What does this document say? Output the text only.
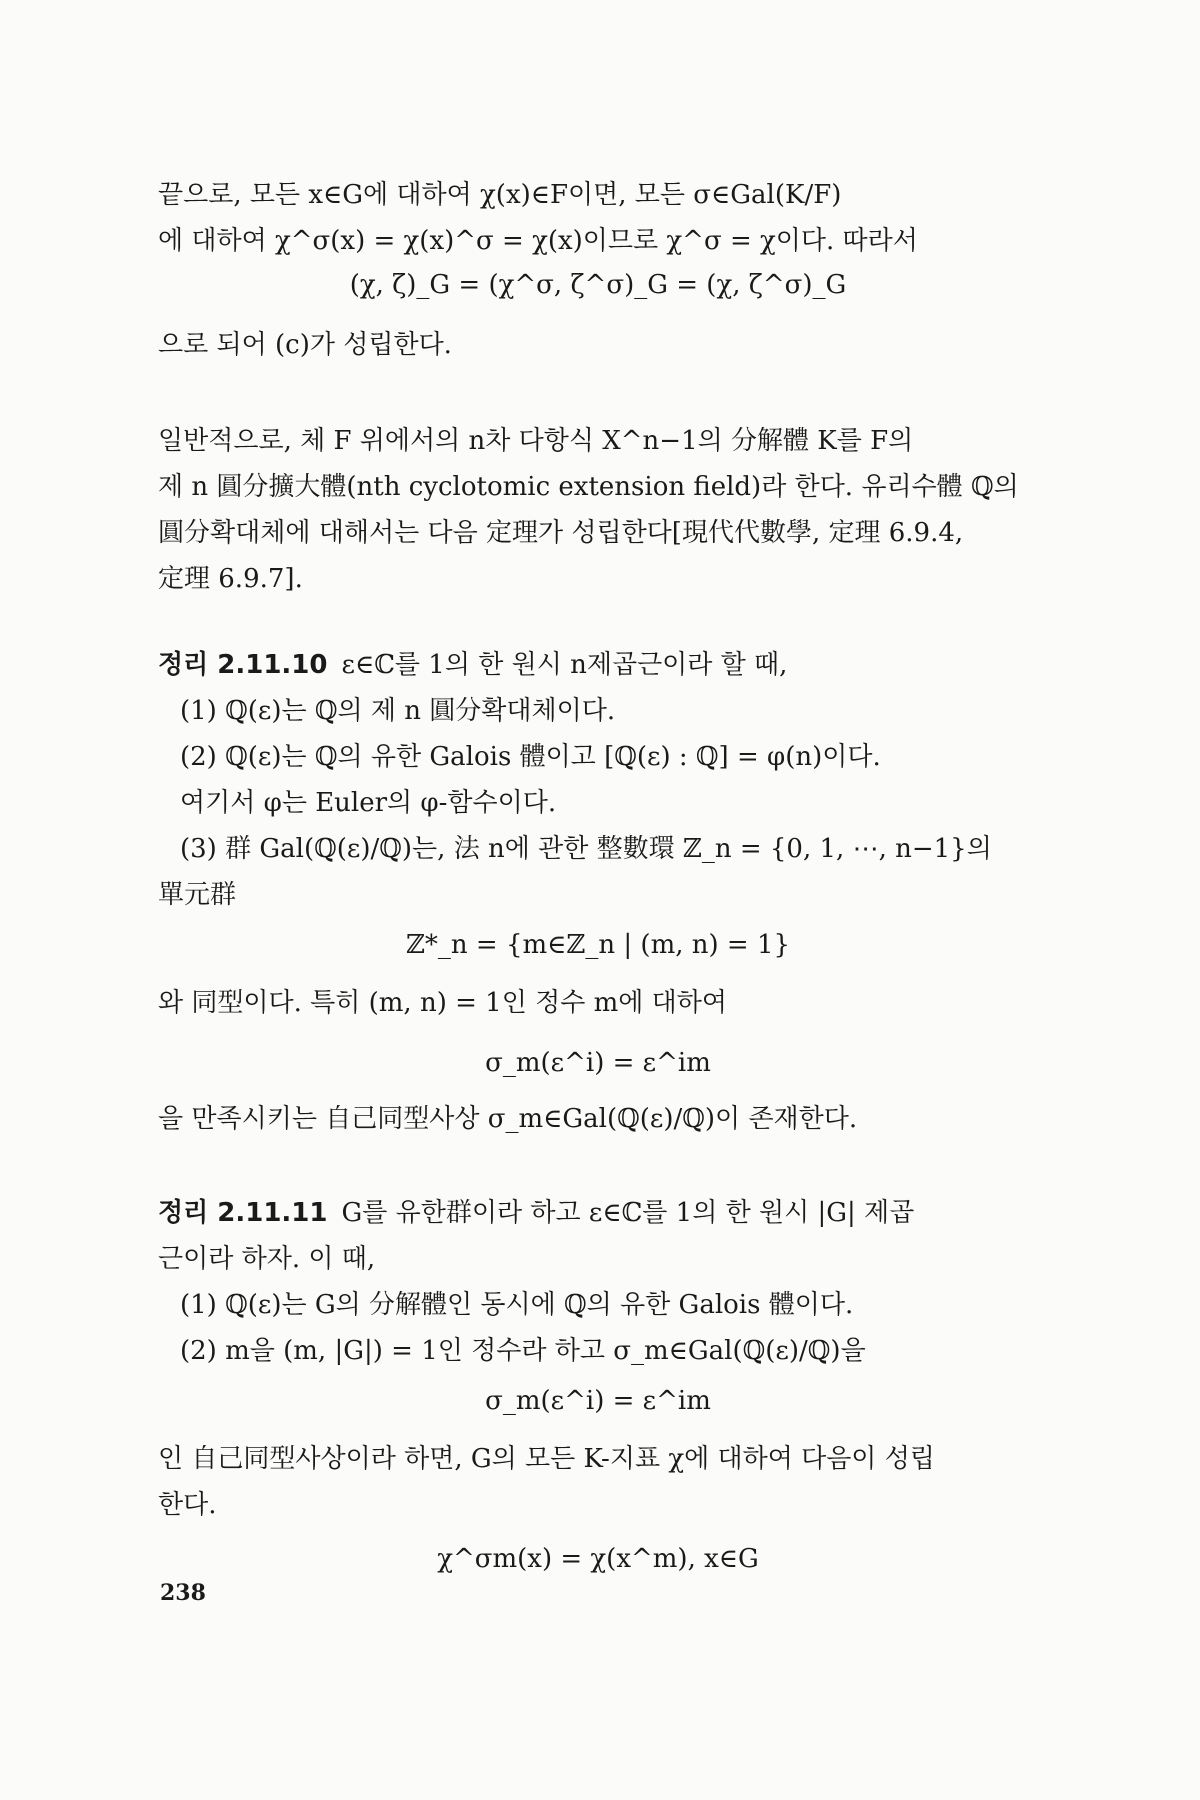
끝으로, 모든 x∈G에 대하여 χ(x)∈F이면, 모든 σ∈Gal(K/F)
에 대하여 χ^σ(x) = χ(x)^σ = χ(x)이므로 χ^σ = χ이다. 따라서
(χ, ζ)_G = (χ^σ, ζ^σ)_G = (χ, ζ^σ)_G
으로 되어 (c)가 성립한다.
일반적으로, 체 F 위에서의 n차 다항식 X^n−1의 分解體 K를 F의
제 n 圓分擴大體(nth cyclotomic extension field)라 한다. 유리수體 ℚ의
圓分확대체에 대해서는 다음 定理가 성립한다[現代代數學, 定理 6.9.4,
定理 6.9.7].
정리 2.11.10 ε∈ℂ를 1의 한 원시 n제곱근이라 할 때,
(1) ℚ(ε)는 ℚ의 제 n 圓分확대체이다.
(2) ℚ(ε)는 ℚ의 유한 Galois 體이고 [ℚ(ε) : ℚ] = φ(n)이다.
여기서 φ는 Euler의 φ-함수이다.
(3) 群 Gal(ℚ(ε)/ℚ)는, 法 n에 관한 整數環 ℤ_n = {0, 1, ⋯, n−1}의
單元群
ℤ*_n = {m∈ℤ_n | (m, n) = 1}
와 同型이다. 특히 (m, n) = 1인 정수 m에 대하여
σ_m(ε^i) = ε^im
을 만족시키는 自己同型사상 σ_m∈Gal(ℚ(ε)/ℚ)이 존재한다.
정리 2.11.11 G를 유한群이라 하고 ε∈ℂ를 1의 한 원시 |G| 제곱
근이라 하자. 이 때,
(1) ℚ(ε)는 G의 分解體인 동시에 ℚ의 유한 Galois 體이다.
(2) m을 (m, |G|) = 1인 정수라 하고 σ_m∈Gal(ℚ(ε)/ℚ)을
σ_m(ε^i) = ε^im
인 自己同型사상이라 하면, G의 모든 K-지표 χ에 대하여 다음이 성립
한다.
χ^σm(x) = χ(x^m), x∈G
238
